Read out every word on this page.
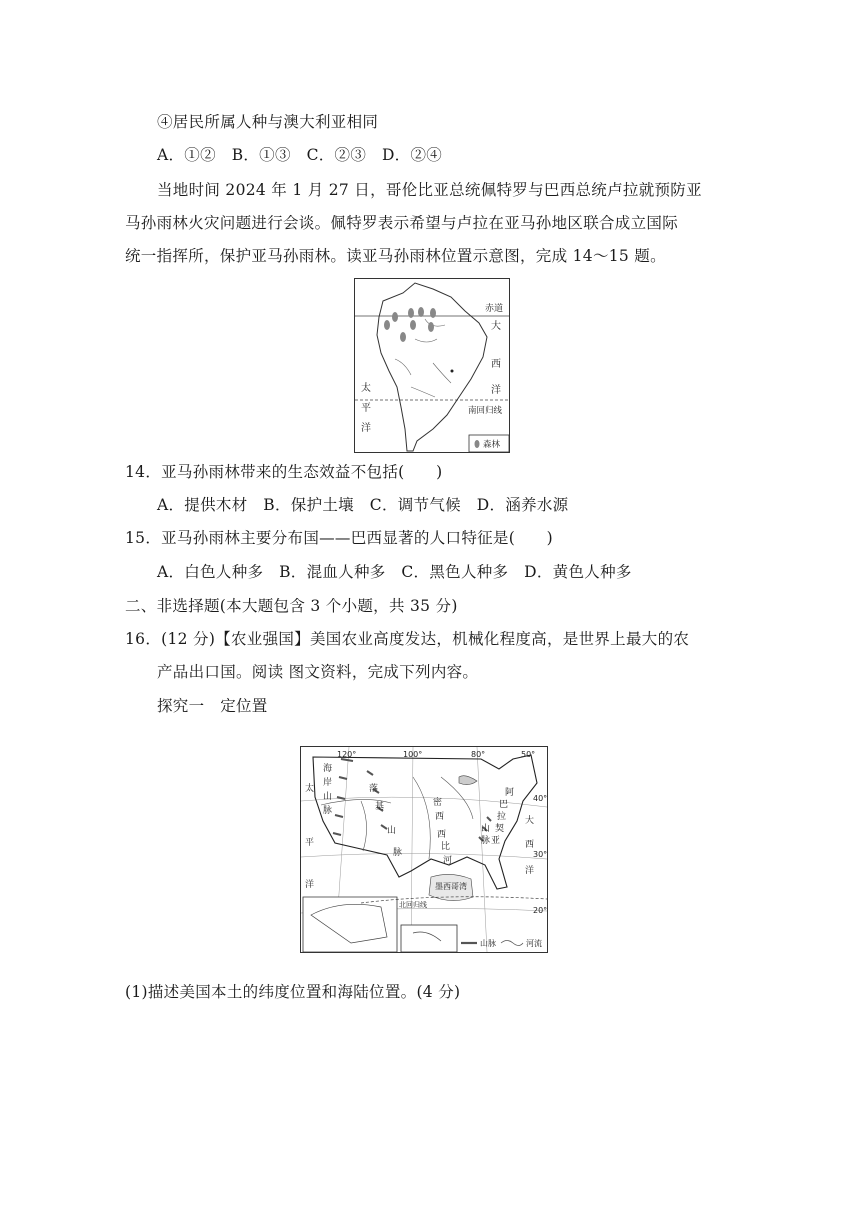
④居民所属人种与澳大利亚相同
A．①②　B．①③　C．②③　D．②④
当地时间 2024 年 1 月 27 日，哥伦比亚总统佩特罗与巴西总统卢拉就预防亚
马孙雨林火灾问题进行会谈。佩特罗表示希望与卢拉在亚马孙地区联合成立国际
统一指挥所，保护亚马孙雨林。读亚马孙雨林位置示意图，完成 14～15 题。
赤道
大
西
洋
太
平
洋
南回归线
森林
14．亚马孙雨林带来的生态效益不包括(　　)
A．提供木材　B．保护土壤　C．调节气候　D．涵养水源
15．亚马孙雨林主要分布国——巴西显著的人口特征是(　　)
A．白色人种多　B．混血人种多　C．黑色人种多　D．黄色人种多
二、非选择题(本大题包含 3 个小题，共 35 分)
16．(12 分)【农业强国】美国农业高度发达，机械化程度高，是世界上最大的农
产品出口国。阅读 图文资料，完成下列内容。
探究一　定位置
120°	100°	80°	50°
40°
30°
20°
太
平
洋
大
西
洋
海
岸
山
脉
落
基
山
脉
密
西
西
比
河
阿
巴
拉
契
亚
山
脉
墨西哥湾
北回归线
山脉	河流
(1)描述美国本土的纬度位置和海陆位置。(4 分)
